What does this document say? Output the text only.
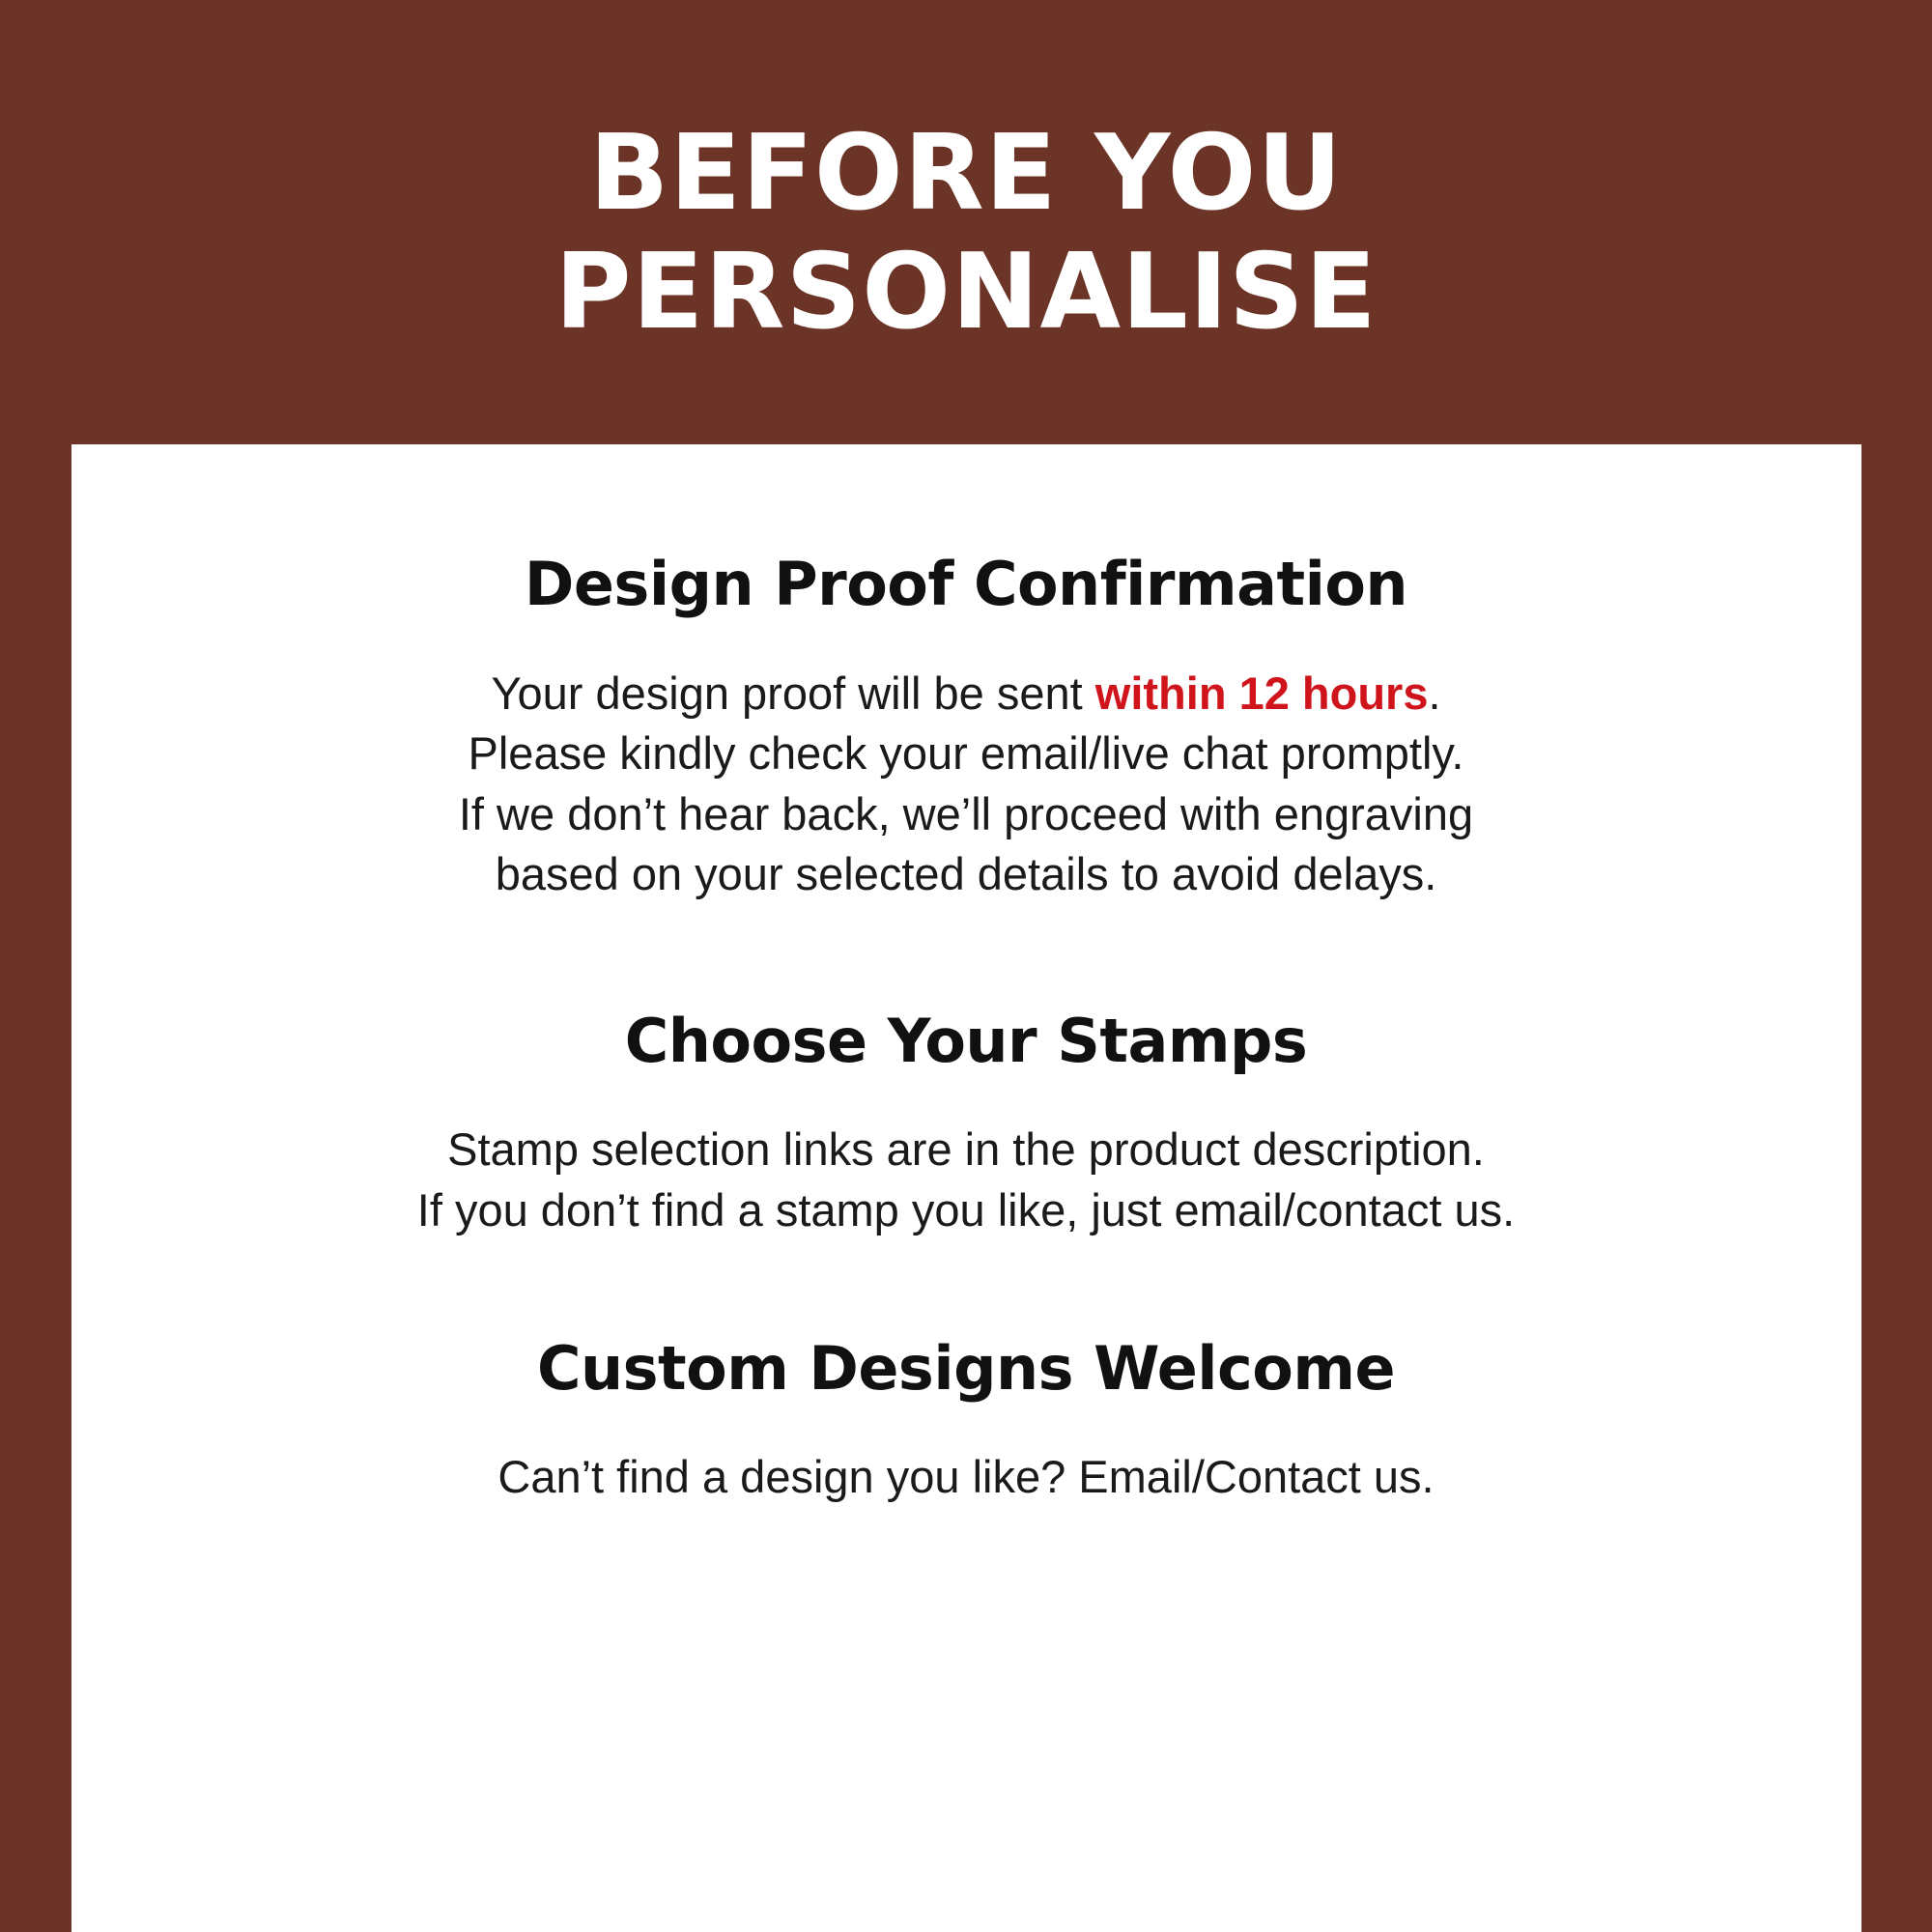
BEFORE YOU
PERSONALISE
Design Proof Confirmation

Your design proof will be sent within 12 hours.
Please kindly check your email/live chat promptly.
If we don’t hear back, we’ll proceed with engraving
based on your selected details to avoid delays.

Choose Your Stamps

Stamp selection links are in the product description.
If you don’t find a stamp you like, just email/contact us.

Custom Designs Welcome

Can’t find a design you like? Email/Contact us.
